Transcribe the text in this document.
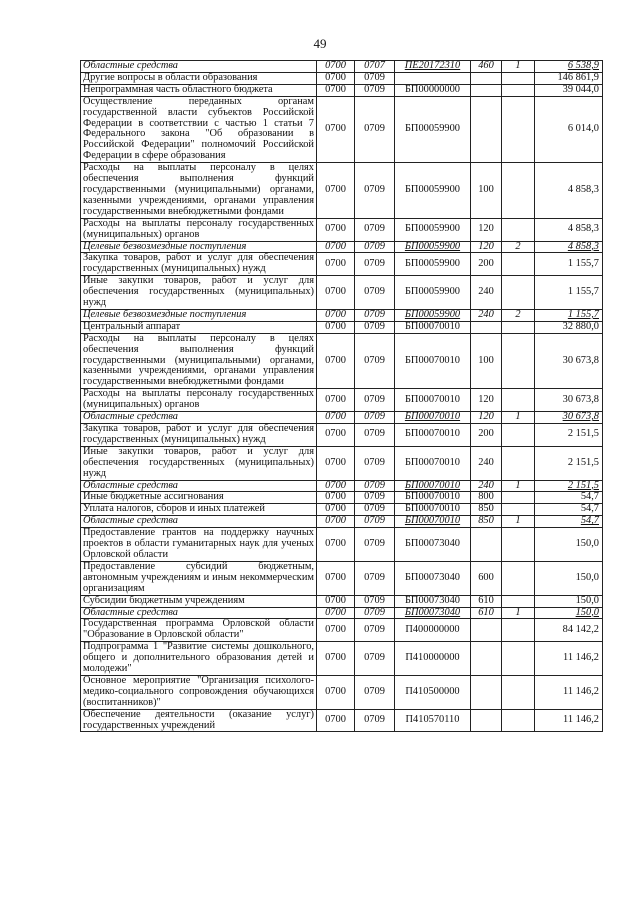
49
Областные средства	0700	0707	ПЕ20172310	460	1	6 538,9
Другие вопросы в области образования	0700	0709				146 861,9
Непрограммная часть областного бюджета	0700	0709	БП00000000			39 044,0
Осуществление переданных органам государственной власти субъектов Российской Федерации в соответствии с частью 1 статьи 7 Федерального закона "Об образовании в Российской Федерации" полномочий Российской Федерации в сфере образования	0700	0709	БП00059900			6 014,0
Расходы на выплаты персоналу в целях обеспечения выполнения функций государственными (муниципальными) органами, казенными учреждениями, органами управления государственными внебюджетными фондами	0700	0709	БП00059900	100		4 858,3
Расходы на выплаты персоналу государственных (муниципальных) органов	0700	0709	БП00059900	120		4 858,3
Целевые безвозмездные поступления	0700	0709	БП00059900	120	2	4 858,3
Закупка товаров, работ и услуг для обеспечения государственных (муниципальных) нужд	0700	0709	БП00059900	200		1 155,7
Иные закупки товаров, работ и услуг для обеспечения государственных (муниципальных) нужд	0700	0709	БП00059900	240		1 155,7
Целевые безвозмездные поступления	0700	0709	БП00059900	240	2	1 155,7
Центральный аппарат	0700	0709	БП00070010			32 880,0
Расходы на выплаты персоналу в целях обеспечения выполнения функций государственными (муниципальными) органами, казенными учреждениями, органами управления государственными внебюджетными фондами	0700	0709	БП00070010	100		30 673,8
Расходы на выплаты персоналу государственных (муниципальных) органов	0700	0709	БП00070010	120		30 673,8
Областные средства	0700	0709	БП00070010	120	1	30 673,8
Закупка товаров, работ и услуг для обеспечения государственных (муниципальных) нужд	0700	0709	БП00070010	200		2 151,5
Иные закупки товаров, работ и услуг для обеспечения государственных (муниципальных) нужд	0700	0709	БП00070010	240		2 151,5
Областные средства	0700	0709	БП00070010	240	1	2 151,5
Иные бюджетные ассигнования	0700	0709	БП00070010	800		54,7
Уплата налогов, сборов и иных платежей	0700	0709	БП00070010	850		54,7
Областные средства	0700	0709	БП00070010	850	1	54,7
Предоставление грантов на поддержку научных проектов в области гуманитарных наук для ученых Орловской области	0700	0709	БП00073040			150,0
Предоставление субсидий бюджетным, автономным учреждениям и иным некоммерческим организациям	0700	0709	БП00073040	600		150,0
Субсидии бюджетным учреждениям	0700	0709	БП00073040	610		150,0
Областные средства	0700	0709	БП00073040	610	1	150,0
Государственная программа Орловской области "Образование в Орловской области"	0700	0709	П400000000			84 142,2
Подпрограмма 1 "Развитие системы дошкольного, общего и дополнительного образования детей и молодежи"	0700	0709	П410000000			11 146,2
Основное мероприятие "Организация психолого-медико-социального сопровождения обучающихся (воспитанников)"	0700	0709	П410500000			11 146,2
Обеспечение деятельности (оказание услуг) государственных учреждений	0700	0709	П410570110			11 146,2
